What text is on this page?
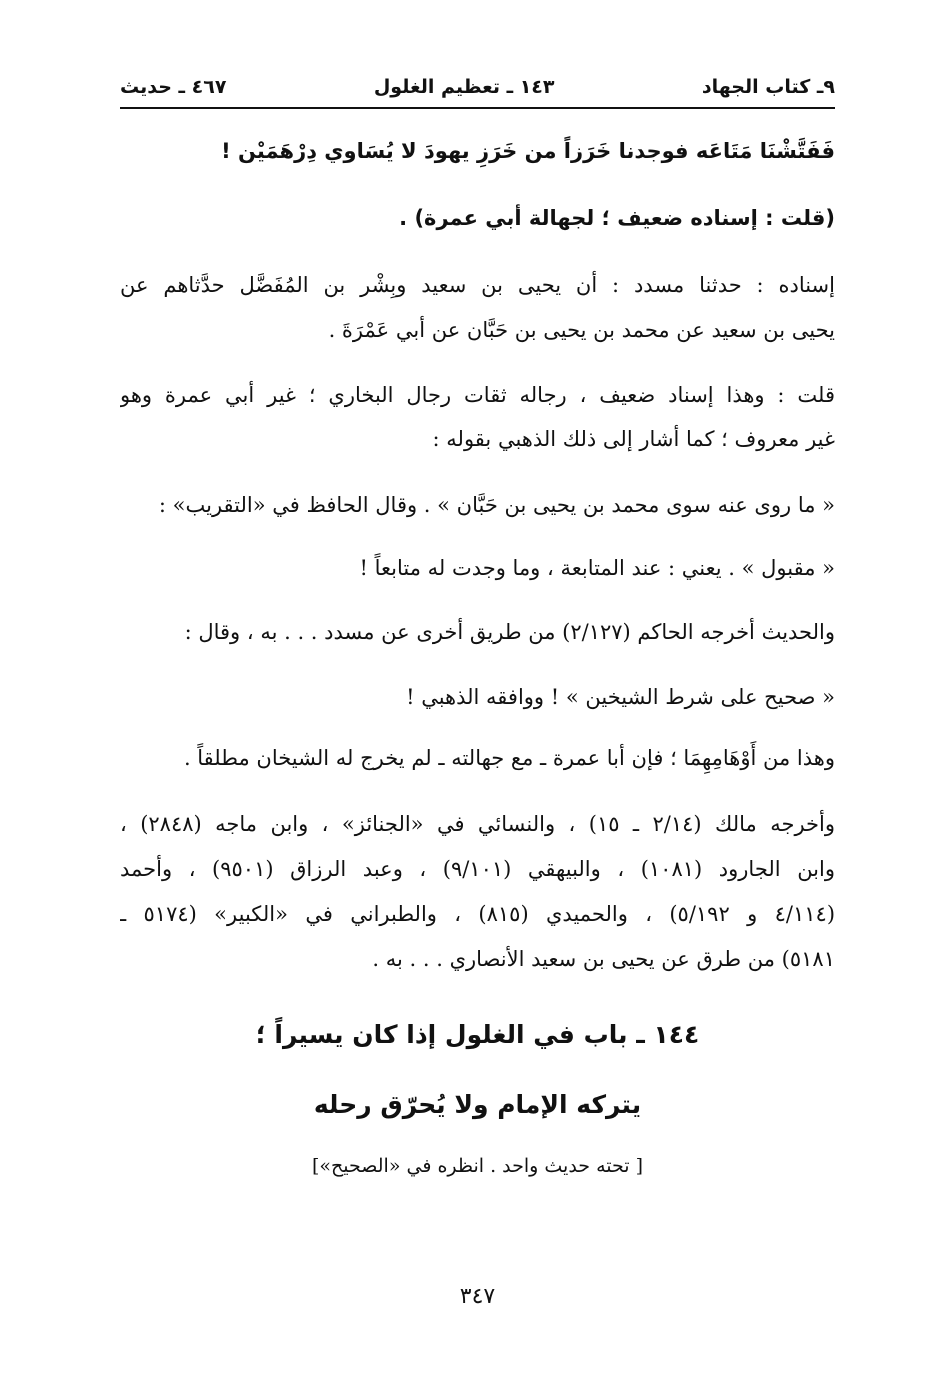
٩ـ كتاب الجهاد
١٤٣ ـ تعظيم الغلول
٤٦٧ ـ حديث
فَفَتَّشْنَا مَتَاعَه فوجدنا خَرَزاً من خَرَزِ يهودَ لا يُسَاوي دِرْهَمَيْن !
(قلت : إسناده ضعيف ؛ لجهالة أبي عمرة) .
إسناده : حدثنا مسدد : أن يحيى بن سعيد وبِشْر بن المُفَضَّل حدَّثاهم عن
يحيى بن سعيد عن محمد بن يحيى بن حَبَّان عن أبي عَمْرَةَ .
قلت : وهذا إسناد ضعيف ، رجاله ثقات رجال البخاري ؛ غير أبي عمرة وهو
غير معروف ؛ كما أشار إلى ذلك الذهبي بقوله :
« ما روى عنه سوى محمد بن يحيى بن حَبَّان » . وقال الحافظ في «التقريب» :
« مقبول » . يعني : عند المتابعة ، وما وجدت له متابعاً !
والحديث أخرجه الحاكم (٢/١٢٧) من طريق أخرى عن مسدد . . . به ، وقال :
« صحيح على شرط الشيخين » ! ووافقه الذهبي !
وهذا من أَوْهَامِهِمَا ؛ فإن أبا عمرة ـ مع جهالته ـ لم يخرج له الشيخان مطلقاً .
وأخرجه مالك (٢/١٤ ـ ١٥) ، والنسائي في «الجنائز» ، وابن ماجه (٢٨٤٨) ،
وابن الجارود (١٠٨١) ، والبيهقي (٩/١٠١) ، وعبد الرزاق (٩٥٠١) ، وأحمد
(٤/١١٤ و ٥/١٩٢) ، والحميدي (٨١٥) ، والطبراني في «الكبير» (٥١٧٤ ـ
٥١٨١) من طرق عن يحيى بن سعيد الأنصاري . . . به .
١٤٤ ـ باب في الغلول إذا كان يسيراً ؛
يتركه الإمام ولا يُحرّق رحله
[ تحته حديث واحد . انظره في «الصحيح»]
٣٤٧
